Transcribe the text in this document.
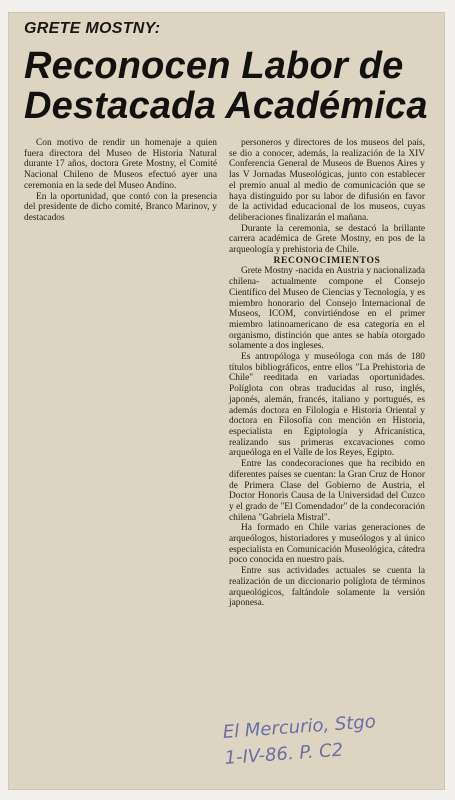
GRETE MOSTNY:
Reconocen Labor de Destacada Académica

Con motivo de rendir un homenaje a quien fuera directora del Museo de Historia Natural durante 17 años, doctora Grete Mostny, el Comité Nacional Chileno de Museos efectuó ayer una ceremonia en la sede del Museo Andino.

En la oportunidad, que contó con la presencia del presidente de dicho comité, Branco Marinov, y destacados

personeros y directores de los museos del país, se dio a conocer, además, la realización de la XIV Conferencia General de Museos de Buenos Aires y las V Jornadas Museológicas, junto con establecer el premio anual al medio de comunicación que se haya distinguido por su labor de difusión en favor de la actividad educacional de los museos, cuyas deliberaciones finalizarán el mañana.

Durante la ceremonia, se destacó la brillante carrera académica de Grete Mostny, en pos de la arqueología y prehistoria de Chile.

RECONOCIMIENTOS

Grete Mostny -nacida en Austria y nacionalizada chilena- actualmente compone el Consejo Científico del Museo de Ciencias y Tecnología, y es miembro honorario del Consejo Internacional de Museos, ICOM, convirtiéndose en el primer miembro latinoamericano de esa categoría en el organismo, distinción que antes se había otorgado solamente a dos ingleses.

Es antropóloga y museóloga con más de 180 títulos bibliográficos, entre ellos "La Prehistoria de Chile" reeditada en variadas oportunidades. Políglota con obras traducidas al ruso, inglés, japonés, alemán, francés, italiano y portugués, es además doctora en Filología e Historia Oriental y doctora en Filosofía con mención en Historia, especialista en Egiptología y Africanística, realizando sus primeras excavaciones como arqueóloga en el Valle de los Reyes, Egipto.

Entre las condecoraciones que ha recibido en diferentes países se cuentan: la Gran Cruz de Honor de Primera Clase del Gobierno de Austria, el Doctor Honoris Causa de la Universidad del Cuzco y el grado de "El Comendador" de la condecoración chilena "Gabriela Mistral".

Ha formado en Chile varias generaciones de arqueólogos, historiadores y museólogos y al único especialista en Comunicación Museológica, cátedra poco conocida en nuestro país.

Entre sus actividades actuales se cuenta la realización de un diccionario políglota de términos arqueológicos, faltándole solamente la versión japonesa.

El Mercurio, Stgo
1-IV-86. P. C2
